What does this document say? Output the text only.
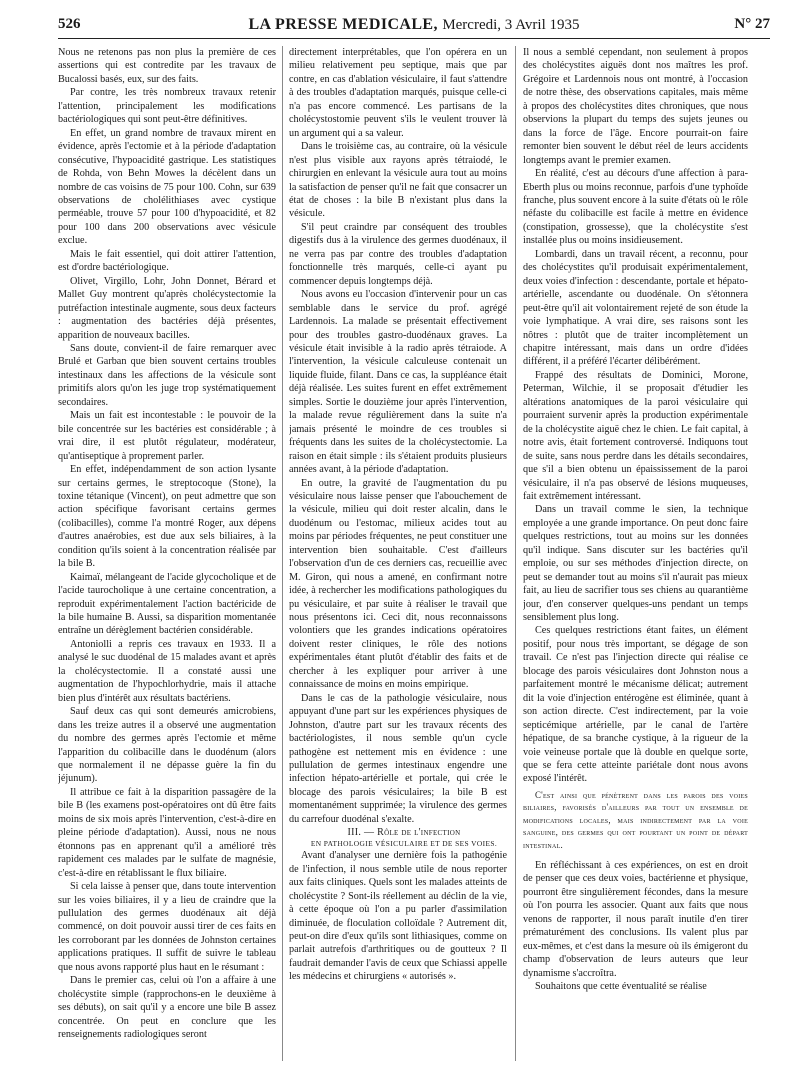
526	LA PRESSE MEDICALE, Mercredi, 3 Avril 1935	N° 27

Nous ne retenons pas non plus la première de ces assertions qui est contredite par les travaux de Bucalossi basés, eux, sur des faits.

Par contre, les très nombreux travaux retenir l'attention, principalement les modifications bactériologiques qui sont peut-être définitives.

En effet, un grand nombre de travaux mirent en évidence, après l'ectomie et à la période d'adaptation consécutive, l'hypoacidité gastrique. Les statistiques de Rohda, von Behn Mowes la décèlent dans un nombre de cas voisins de 75 pour 100. Cohn, sur 639 observations de cholélithiases avec cystique perméable, trouve 57 pour 100 d'hypoacidité, et 82 pour 100 dans 200 observations avec vésicule exclue.

Mais le fait essentiel, qui doit attirer l'attention, est d'ordre bactériologique.

Olivet, Virgillo, Lohr, John Donnet, Bérard et Mallet Guy montrent qu'après cholécystectomie la putréfaction intestinale augmente, sous deux facteurs : augmentation des bactéries déjà présentes, apparition de nouveaux bacilles.

Sans doute, convient-il de faire remarquer avec Brulé et Garban que bien souvent certains troubles intestinaux dans les affections de la vésicule sont primitifs alors qu'on les juge trop systématiquement secondaires.

Mais un fait est incontestable : le pouvoir de la bile concentrée sur les bactéries est considérable ; à vrai dire, il est plutôt régulateur, modérateur, qu'antiseptique à proprement parler.

En effet, indépendamment de son action lysante sur certains germes, le streptocoque (Stone), la toxine tétanique (Vincent), on peut admettre que son action spécifique favorisant certains germes (colibacilles), comme l'a montré Roger, aux dépens d'autres anaérobies, est due aux sels biliaires, à la condition qu'ils soient à la concentration réalisée par la bile B.

Kaimaï, mélangeant de l'acide glycocholique et de l'acide taurocholique à une certaine concentration, a reproduit expérimentalement l'action bactéricide de la bile humaine B. Aussi, sa disparition momentanée entraîne un dérèglement bactérien considérable.

Antoniolli a repris ces travaux en 1933. Il a analysé le suc duodénal de 15 malades avant et après la cholécystectomie. Il a constaté aussi une augmentation de l'hypochlorhydrie, mais il attache bien plus d'intérêt aux résultats bactériens.

Sauf deux cas qui sont demeurés amicrobiens, dans les treize autres il a observé une augmentation du nombre des germes après l'ectomie et même l'apparition du colibacille dans le duodénum (alors que normalement il ne dépasse guère la fin du jéjunum).

Il attribue ce fait à la disparition passagère de la bile B (les examens post-opératoires ont dû être faits moins de six mois après l'intervention, c'est-à-dire en pleine période d'adaptation). Aussi, nous ne nous étonnons pas en apprenant qu'il a amélioré très rapidement ces malades par le sulfate de magnésie, c'est-à-dire en rétablissant le flux biliaire.

Si cela laisse à penser que, dans toute intervention sur les voies biliaires, il y a lieu de craindre que la pullulation des germes duodénaux ait déjà commencé, on doit pouvoir aussi tirer de ces faits en les corroborant par les données de Johnston certaines applications pratiques. Il suffit de suivre le tableau que nous avons rapporté plus haut en le résumant :

Dans le premier cas, celui où l'on a affaire à une cholécystite simple (rapprochons-en le deuxième à ses débuts), on sait qu'il y a encore une bile B assez concentrée. On peut en conclure que les renseignements radiologiques seront

directement interprétables, que l'on opérera en un milieu relativement peu septique, mais que par contre, en cas d'ablation vésiculaire, il faut s'attendre à des troubles d'adaptation marqués, puisque celle-ci n'a pas encore commencé. Les partisans de la cholécystostomie peuvent s'ils le veulent trouver là un argument qui a sa valeur.

Dans le troisième cas, au contraire, où la vésicule n'est plus visible aux rayons après tétraiodé, le chirurgien en enlevant la vésicule aura tout au moins la satisfaction de penser qu'il ne fait que consacrer un état de choses : la bile B n'existant plus dans la vésicule.

S'il peut craindre par conséquent des troubles digestifs dus à la virulence des germes duodénaux, il ne verra pas par contre des troubles d'adaptation fonctionnelle très marqués, celle-ci ayant pu commencer depuis longtemps déjà.

Nous avons eu l'occasion d'intervenir pour un cas semblable dans le service du prof. agrégé Lardennois. La malade se présentait effectivement pour des troubles gastro-duodénaux graves. La vésicule était invisible à la radio après tétraiode. A l'intervention, la vésicule calculeuse contenait un liquide fluide, filant. Dans ce cas, la suppléance était déjà réalisée. Les suites furent en effet extrêmement simples. Sortie le douzième jour après l'intervention, la malade revue régulièrement dans la suite n'a jamais présenté le moindre de ces troubles si fréquents dans les suites de la cholécystectomie. La raison en était simple : ils s'étaient produits plusieurs années avant, à la période d'adaptation.

En outre, la gravité de l'augmentation du pu vésiculaire nous laisse penser que l'abouchement de la vésicule, milieu qui doit rester alcalin, dans le duodénum ou l'estomac, milieux acides tout au moins par périodes fréquentes, ne peut constituer une intervention bien souhaitable. C'est d'ailleurs l'observation d'un de ces derniers cas, recueillie avec M. Giron, qui nous a amené, en confirmant notre idée, à rechercher les modifications pathologiques du pu vésiculaire, et par suite à réaliser le travail que nous présentons ici. Ceci dit, nous reconnaissons volontiers que les grandes indications opératoires doivent rester cliniques, le rôle des notions expérimentales étant plutôt d'établir des faits et de chercher à les expliquer pour arriver à une connaissance de moins en moins empirique.

Dans le cas de la pathologie vésiculaire, nous appuyant d'une part sur les expériences physiques de Johnston, d'autre part sur les travaux récents des bactériologistes, il nous semble qu'un cycle pathogène est nettement mis en évidence : une pullulation de germes intestinaux engendre une infection hépato-artérielle et portale, qui crée le blocage des parois vésiculaires; la bile B est momentanément supprimée; la virulence des germes du carrefour duodénal s'exalte.

III. — Rôle de l'infection

EN PATHOLOGIE VÉSICULAIRE ET DE SES VOIES.

Avant d'analyser une dernière fois la pathogénie de l'infection, il nous semble utile de nous reporter aux faits cliniques. Quels sont les malades atteints de cholécystite ? Sont-ils réellement au déclin de la vie, à cette époque où l'on a pu parler d'assimilation diminuée, de floculation colloïdale ? Autrement dit, peut-on dire d'eux qu'ils sont lithiasiques, comme on parlait autrefois d'arthritiques ou de goutteux ? Il faudrait demander l'avis de ceux que Schiassi appelle les médecins et chirurgiens « autorisés ».

Il nous a semblé cependant, non seulement à propos des cholécystites aiguës dont nos maîtres les prof. Grégoire et Lardennois nous ont montré, à l'occasion de notre thèse, des observations capitales, mais même à propos des cholécystites dites chroniques, que nous observions la plupart du temps des sujets jeunes ou dans la force de l'âge. Encore pourrait-on faire remonter bien souvent le début réel de leurs accidents longtemps avant le premier examen.

En réalité, c'est au décours d'une affection à para-Eberth plus ou moins reconnue, parfois d'une typhoïde franche, plus souvent encore à la suite d'états où le rôle néfaste du colibacille est facile à mettre en évidence (constipation, grossesse), que la cholécystite s'est installée plus ou moins insidieusement.

Lombardi, dans un travail récent, a reconnu, pour des cholécystites qu'il produisait expérimentalement, deux voies d'infection : descendante, portale et hépato-artérielle, ascendante ou duodénale. On s'étonnera peut-être qu'il ait volontairement rejeté de son étude la voie lymphatique. A vrai dire, ses raisons sont les nôtres : plutôt que de traiter incomplètement un chapitre intéressant, mais dans un ordre d'idées différent, il a préféré l'écarter délibérément.

Frappé des résultats de Dominici, Morone, Peterman, Wilchie, il se proposait d'étudier les altérations anatomiques de la paroi vésiculaire qui pourraient survenir après la production expérimentale de la cholécystite aiguë chez le chien. Le fait capital, à notre avis, était fortement controversé. Indiquons tout de suite, sans nous perdre dans les détails secondaires, que s'il a bien obtenu un épaississement de la paroi vésiculaire, il n'a pas observé de lésions muqueuses, fait extrêmement intéressant.

Dans un travail comme le sien, la technique employée a une grande importance. On peut donc faire quelques restrictions, tout au moins sur les données qu'il indique. Sans discuter sur les bactéries qu'il emploie, ou sur ses méthodes d'injection directe, on peut se demander tout au moins s'il n'aurait pas mieux fait, au lieu de sacrifier tous ses chiens au quarantième jour, d'en conserver quelques-uns pendant un temps sensiblement plus long.

Ces quelques restrictions étant faites, un élément positif, pour nous très important, se dégage de son travail. Ce n'est pas l'injection directe qui réalise ce blocage des parois vésiculaires dont Johnston nous a parfaitement montré le mécanisme délicat; autrement dit la voie d'injection entérogène est éliminée, quant à son action directe. C'est indirectement, par la voie septicémique artérielle, par le canal de l'artère hépatique, de sa branche cystique, à la rigueur de la voie veineuse portale que là double en quelque sorte, que se fera cette atteinte pariétale dont nous avons exposé l'intérêt.

C'est ainsi que pénètrent dans les parois des voies biliaires, favorisés d'ailleurs par tout un ensemble de modifications locales, mais indirectement par la voie sanguine, des germes qui ont pourtant un point de départ intestinal.

En réfléchissant à ces expériences, on est en droit de penser que ces deux voies, bactérienne et physique, pourront être singulièrement fécondes, dans la mesure où l'on pourra les associer. Quant aux faits que nous venons de rapporter, il nous paraît inutile d'en tirer prématurément des conclusions. Ils valent plus par eux-mêmes, et c'est dans la mesure où ils émigeront du champ d'observation de leurs auteurs que leur dynamisme s'accroîtra.

Souhaitons que cette éventualité se réalise
